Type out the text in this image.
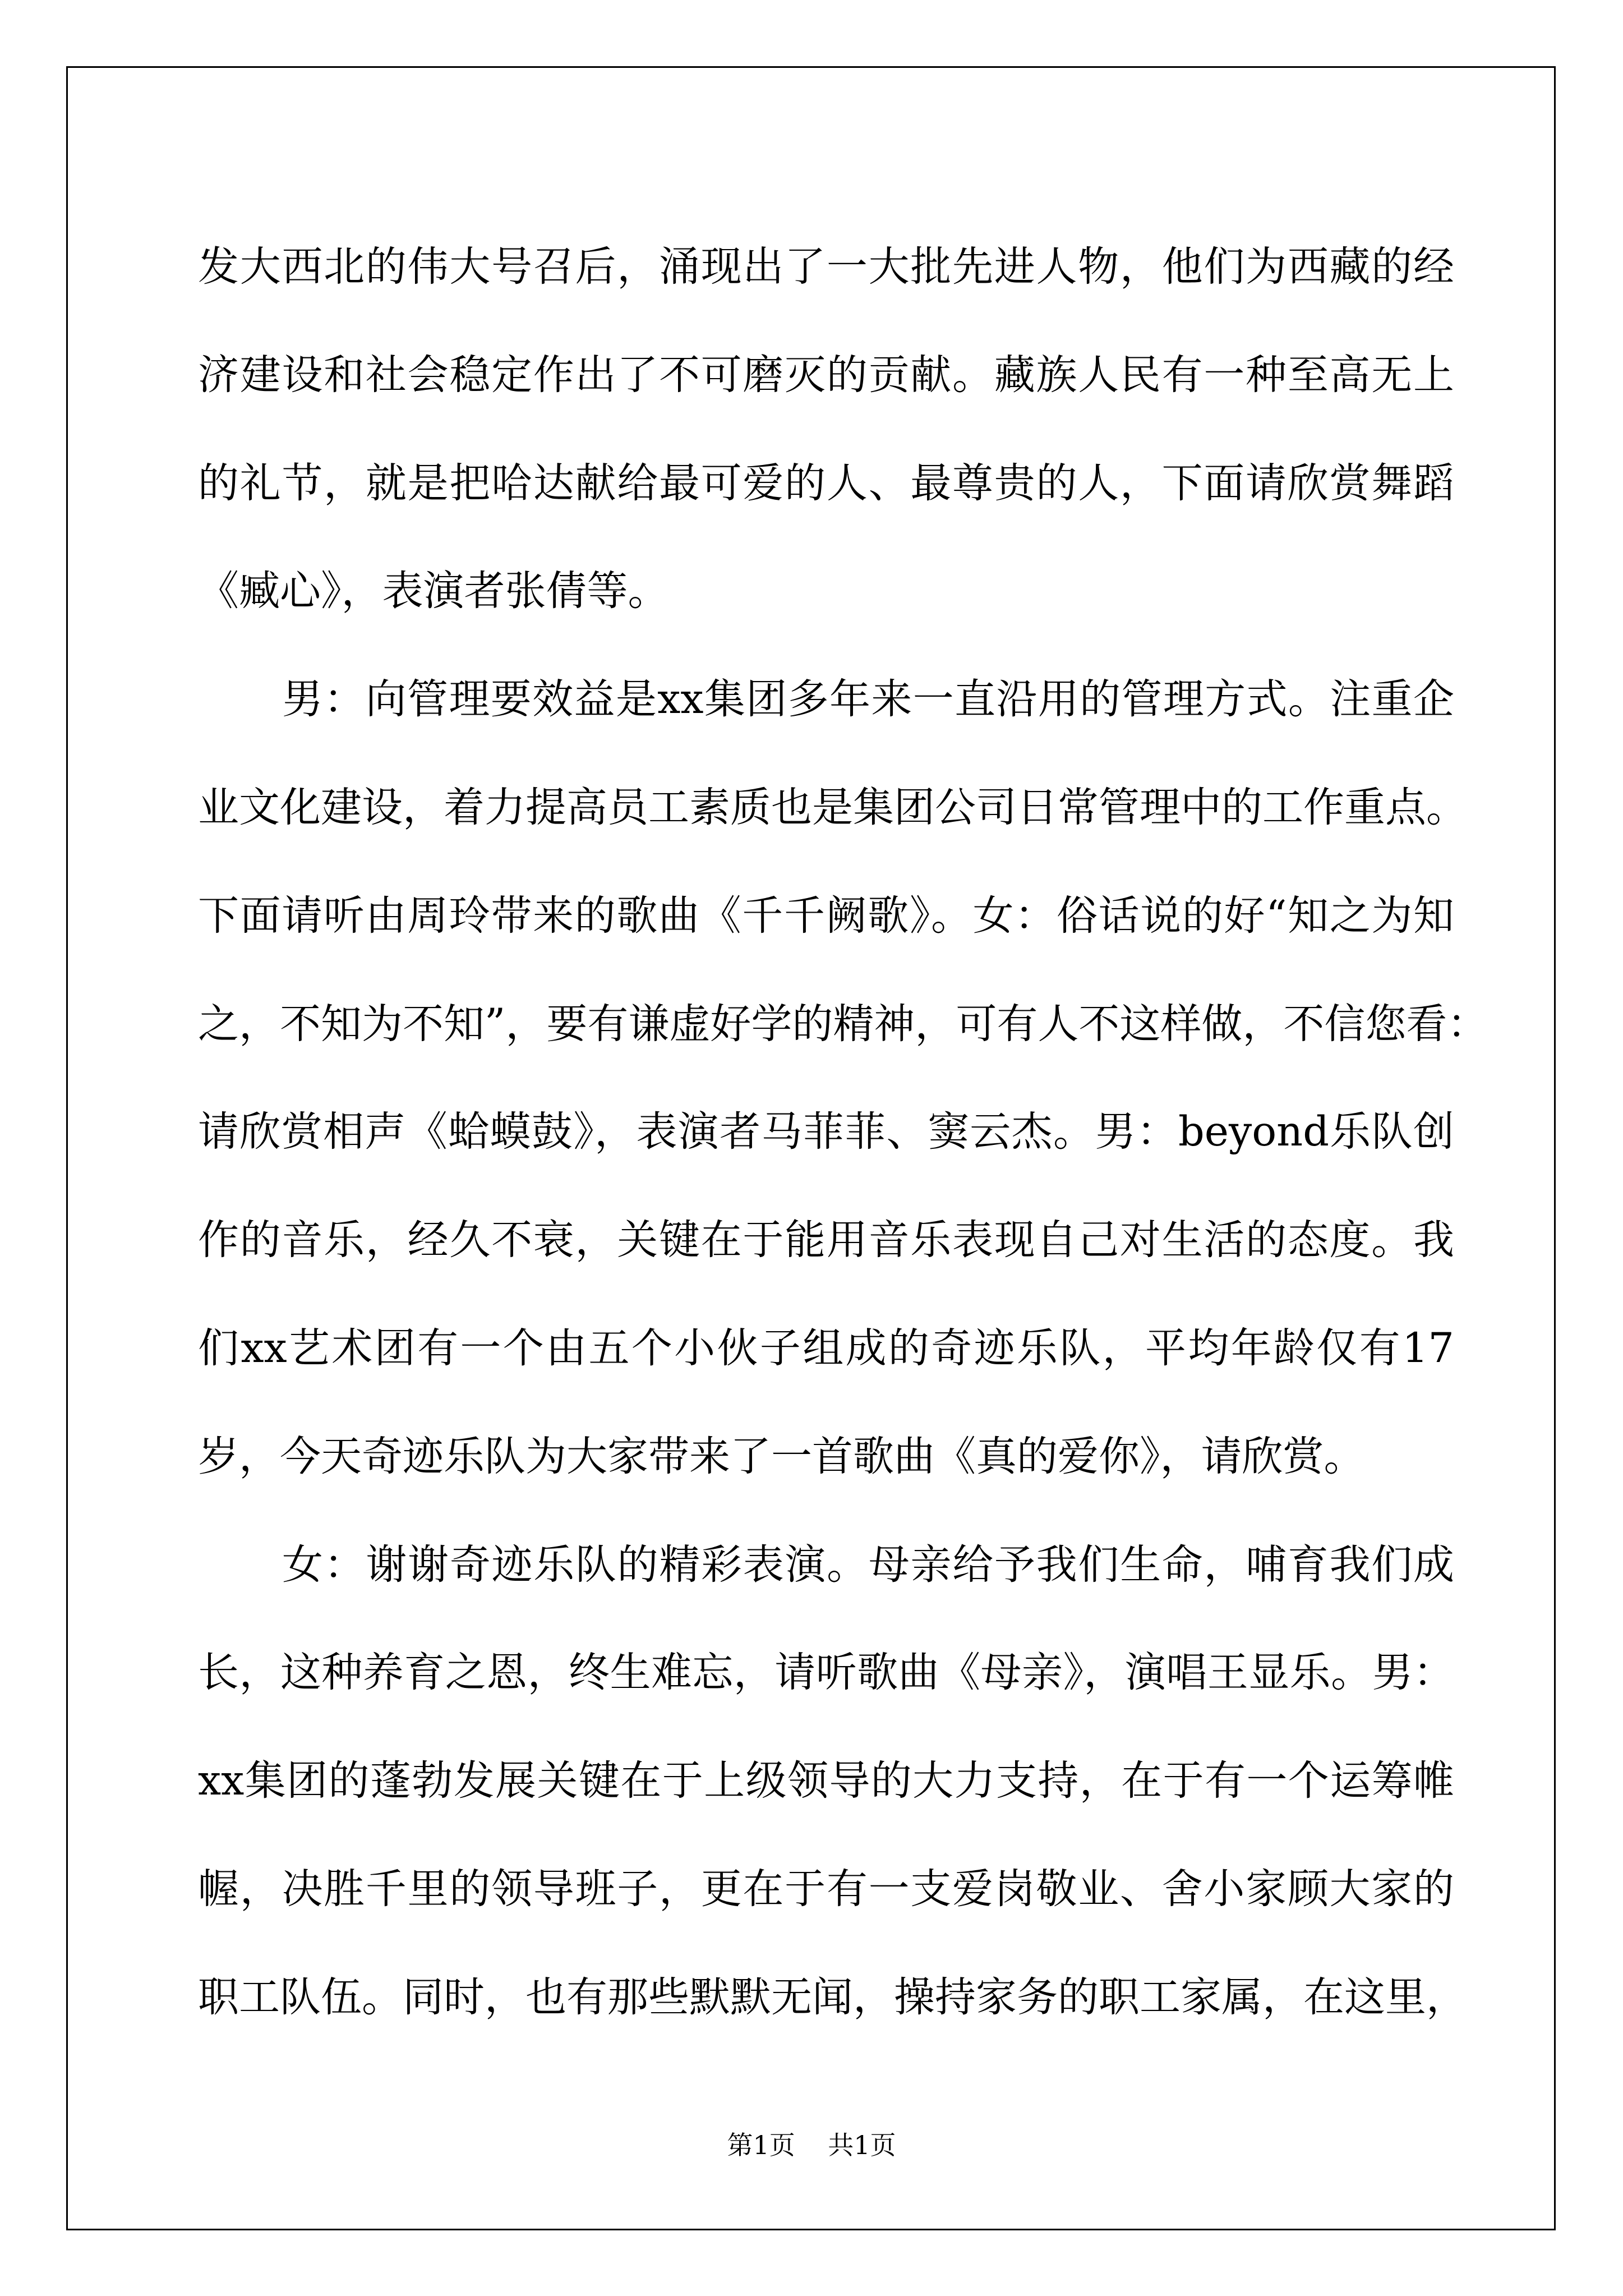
发大西北的伟大号召后，涌现出了一大批先进人物，他们为西藏的经
济建设和社会稳定作出了不可磨灭的贡献。藏族人民有一种至高无上
的礼节，就是把哈达献给最可爱的人、最尊贵的人，下面请欣赏舞蹈
《臧心》，表演者张倩等。
男：向管理要效益是xx集团多年来一直沿用的管理方式。注重企
业文化建设，着力提高员工素质也是集团公司日常管理中的工作重点。
下面请听由周玲带来的歌曲《千千阙歌》。女：俗话说的好“知之为知
之，不知为不知”，要有谦虚好学的精神，可有人不这样做，不信您看：
请欣赏相声《蛤蟆鼓》，表演者马菲菲、窦云杰。男：beyond乐队创
作的音乐，经久不衰，关键在于能用音乐表现自己对生活的态度。我
们xx艺术团有一个由五个小伙子组成的奇迹乐队，平均年龄仅有17
岁，今天奇迹乐队为大家带来了一首歌曲《真的爱你》，请欣赏。
女：谢谢奇迹乐队的精彩表演。母亲给予我们生命，哺育我们成
长，这种养育之恩，终生难忘，请听歌曲《母亲》，演唱王显乐。男：
xx集团的蓬勃发展关键在于上级领导的大力支持，在于有一个运筹帷
幄，决胜千里的领导班子，更在于有一支爱岗敬业、舍小家顾大家的
职工队伍。同时，也有那些默默无闻，操持家务的职工家属，在这里，
第1页    共1页
